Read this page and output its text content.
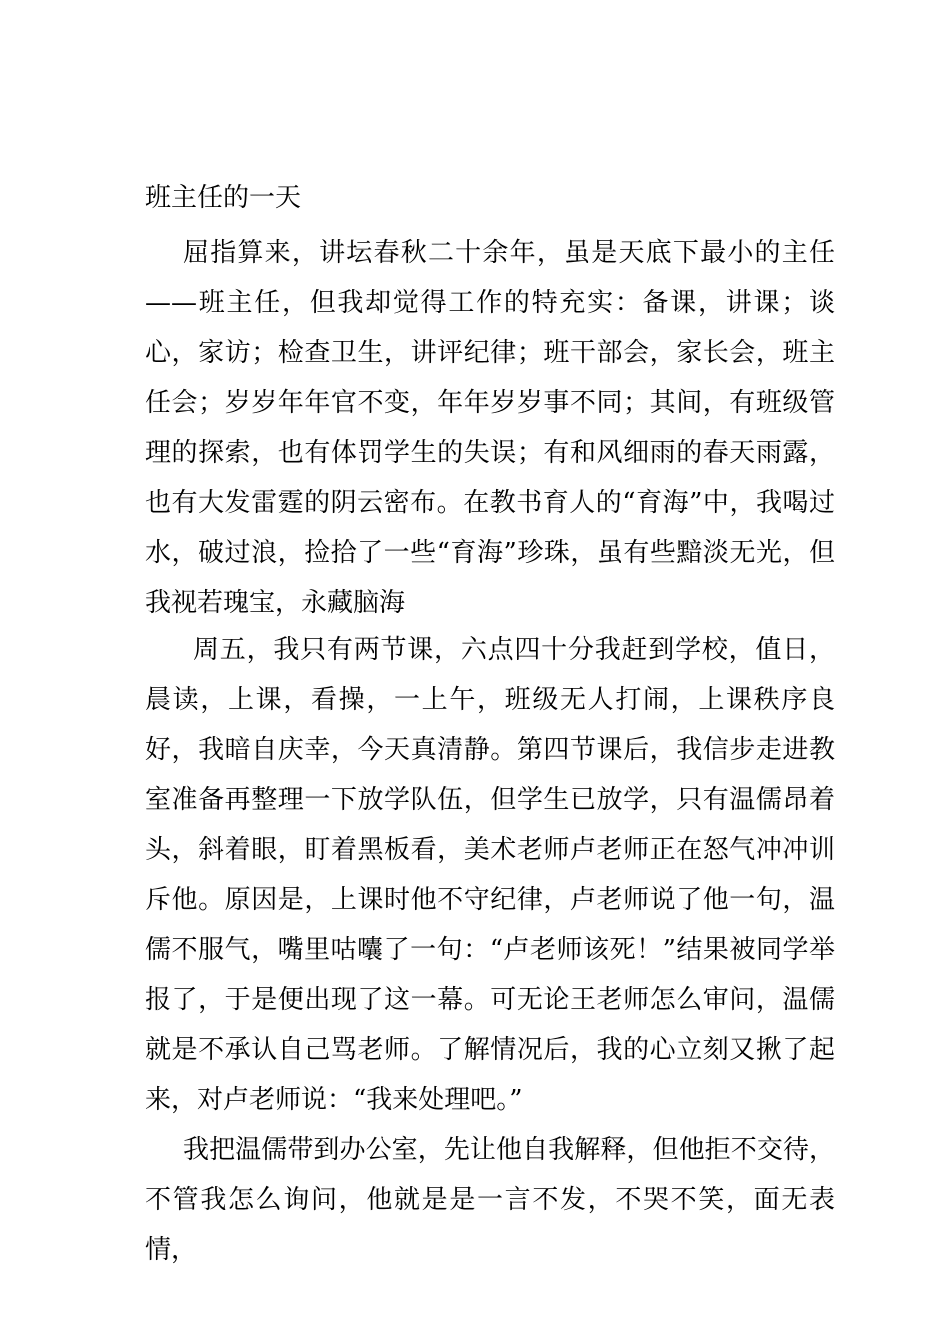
班主任的一天

屈指算来，讲坛春秋二十余年，虽是天底下最小的主任——班主任，但我却觉得工作的特充实：备课，讲课；谈心，家访；检查卫生，讲评纪律；班干部会，家长会，班主任会；岁岁年年官不变，年年岁岁事不同；其间，有班级管理的探索，也有体罚学生的失误；有和风细雨的春天雨露，也有大发雷霆的阴云密布。在教书育人的“育海”中，我喝过水，破过浪，捡拾了一些“育海”珍珠，虽有些黯淡无光，但我视若瑰宝，永藏脑海

周五，我只有两节课，六点四十分我赶到学校，值日，晨读，上课，看操，一上午，班级无人打闹，上课秩序良好，我暗自庆幸，今天真清静。第四节课后，我信步走进教室准备再整理一下放学队伍，但学生已放学，只有温儒昂着头，斜着眼，盯着黑板看，美术老师卢老师正在怒气冲冲训斥他。原因是，上课时他不守纪律，卢老师说了他一句，温儒不服气，嘴里咕囔了一句：“卢老师该死！”结果被同学举报了，于是便出现了这一幕。可无论王老师怎么审问，温儒就是不承认自己骂老师。了解情况后，我的心立刻又揪了起来，对卢老师说：“我来处理吧。”

我把温儒带到办公室，先让他自我解释，但他拒不交待，不管我怎么询问，他就是是一言不发，不哭不笑，面无表情，
